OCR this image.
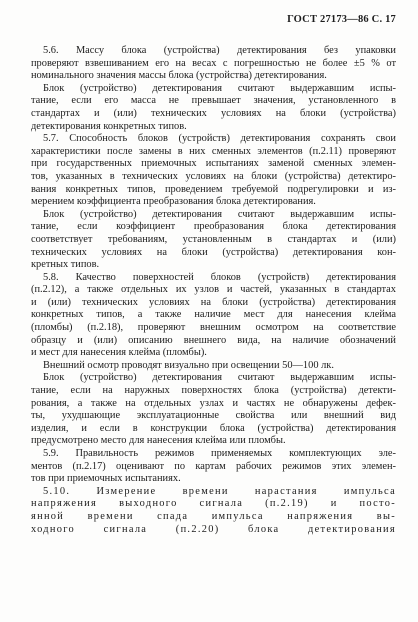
ГОСТ 27173—86 С. 17
5.6. Массу блока (устройства) детектирования без упаковки
проверяют взвешиванием его на весах с погрешностью не более ±5 % от
номинального значения массы блока (устройства) детектирования.
Блок (устройство) детектирования считают выдержавшим испы-
тание, если его масса не превышает значения, установленного в
стандартах и (или) технических условиях на блоки (устройства)
детектирования конкретных типов.
5.7. Способность блоков (устройств) детектирования сохранять свои
характеристики после замены в них сменных элементов (п.2.11) проверяют
при государственных приемочных испытаниях заменой сменных элемен-
тов, указанных в технических условиях на блоки (устройства) детектиро-
вания конкретных типов, проведением требуемой подрегулировки и из-
мерением коэффициента преобразования блока детектирования.
Блок (устройство) детектирования считают выдержавшим испы-
тание, если коэффициент преобразования блока детектирования
соответствует требованиям, установленным в стандартах и (или)
технических условиях на блоки (устройства) детектирования кон-
кретных типов.
5.8. Качество поверхностей блоков (устройств) детектирования
(п.2.12), а также отдельных их узлов и частей, указанных в стандартах
и (или) технических условиях на блоки (устройства) детектирования
конкретных типов, а также наличие мест для нанесения клейма
(пломбы) (п.2.18), проверяют внешним осмотром на соответствие
образцу и (или) описанию внешнего вида, на наличие обозначений
и мест для нанесения клейма (пломбы).
Внешний осмотр проводят визуально при освещении 50—100 лк.
Блок (устройство) детектирования считают выдержавшим испы-
тание, если на наружных поверхностях блока (устройства) детекти-
рования, а также на отдельных узлах и частях не обнаружены дефек-
ты, ухудшающие эксплуатационные свойства или внешний вид
изделия, и если в конструкции блока (устройства) детектирования
предусмотрено место для нанесения клейма или пломбы.
5.9. Правильность режимов применяемых комплектующих эле-
ментов (п.2.17) оценивают по картам рабочих режимов этих элемен-
тов при приемочных испытаниях.
5.10. Измерение времени нарастания импульса
напряжения выходного сигнала (п.2.19) и посто-
янной времени спада импульса напряжения вы-
ходного сигнала (п.2.20) блока детектирования
